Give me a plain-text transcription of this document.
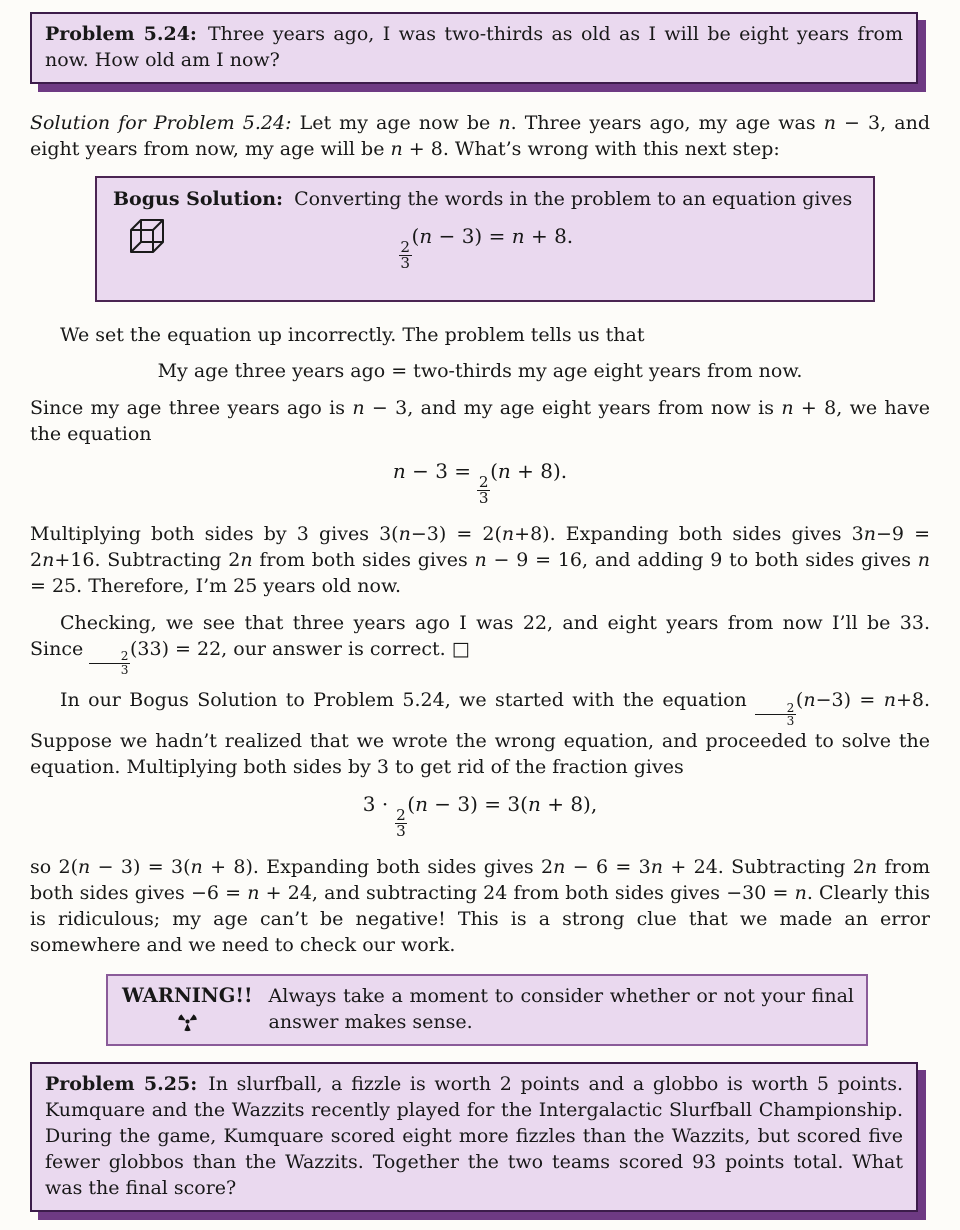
Problem 5.24: Three years ago, I was two-thirds as old as I will be eight years from now. How old am I now?

Solution for Problem 5.24: Let my age now be n. Three years ago, my age was n − 3, and eight years from now, my age will be n + 8. What’s wrong with this next step:

Bogus Solution: Converting the words in the problem to an equation gives

$\frac{2}{3}$
(n − 3) = n + 8.

We set the equation up incorrectly. The problem tells us that

My age three years ago = two-thirds my age eight years from now.

Since my age three years ago is n − 3, and my age eight years from now is n + 8, we have the equation

n − 3 =
$\frac{2}{3}$
(n + 8).

Multiplying both sides by 3 gives 3(n−3) = 2(n+8). Expanding both sides gives 3n−9 = 2n+16. Subtracting 2n from both sides gives n − 9 = 16, and adding 9 to both sides gives n = 25. Therefore, I’m 25 years old now.

Checking, we see that three years ago I was 22, and eight years from now I’ll be 33. Since
$\frac{2}{3}$
(33) = 22, our answer is correct. □

In our Bogus Solution to Problem 5.24, we started with the equation
$\frac{2}{3}$
(n−3) = n+8. Suppose we hadn’t realized that we wrote the wrong equation, and proceeded to solve the equation. Multiplying both sides by 3 to get rid of the fraction gives

3 ·
$\frac{2}{3}$
(n − 3) = 3(n + 8),

so 2(n − 3) = 3(n + 8). Expanding both sides gives 2n − 6 = 3n + 24. Subtracting 2n from both sides gives −6 = n + 24, and subtracting 24 from both sides gives −30 = n. Clearly this is ridiculous; my age can’t be negative! This is a strong clue that we made an error somewhere and we need to check our work.

WARNING!! Always take a moment to consider whether or not your final answer makes sense.

Problem 5.25: In slurfball, a fizzle is worth 2 points and a globbo is worth 5 points. Kumquare and the Wazzits recently played for the Intergalactic Slurfball Championship. During the game, Kumquare scored eight more fizzles than the Wazzits, but scored five fewer globbos than the Wazzits. Together the two teams scored 93 points total. What was the final score?
